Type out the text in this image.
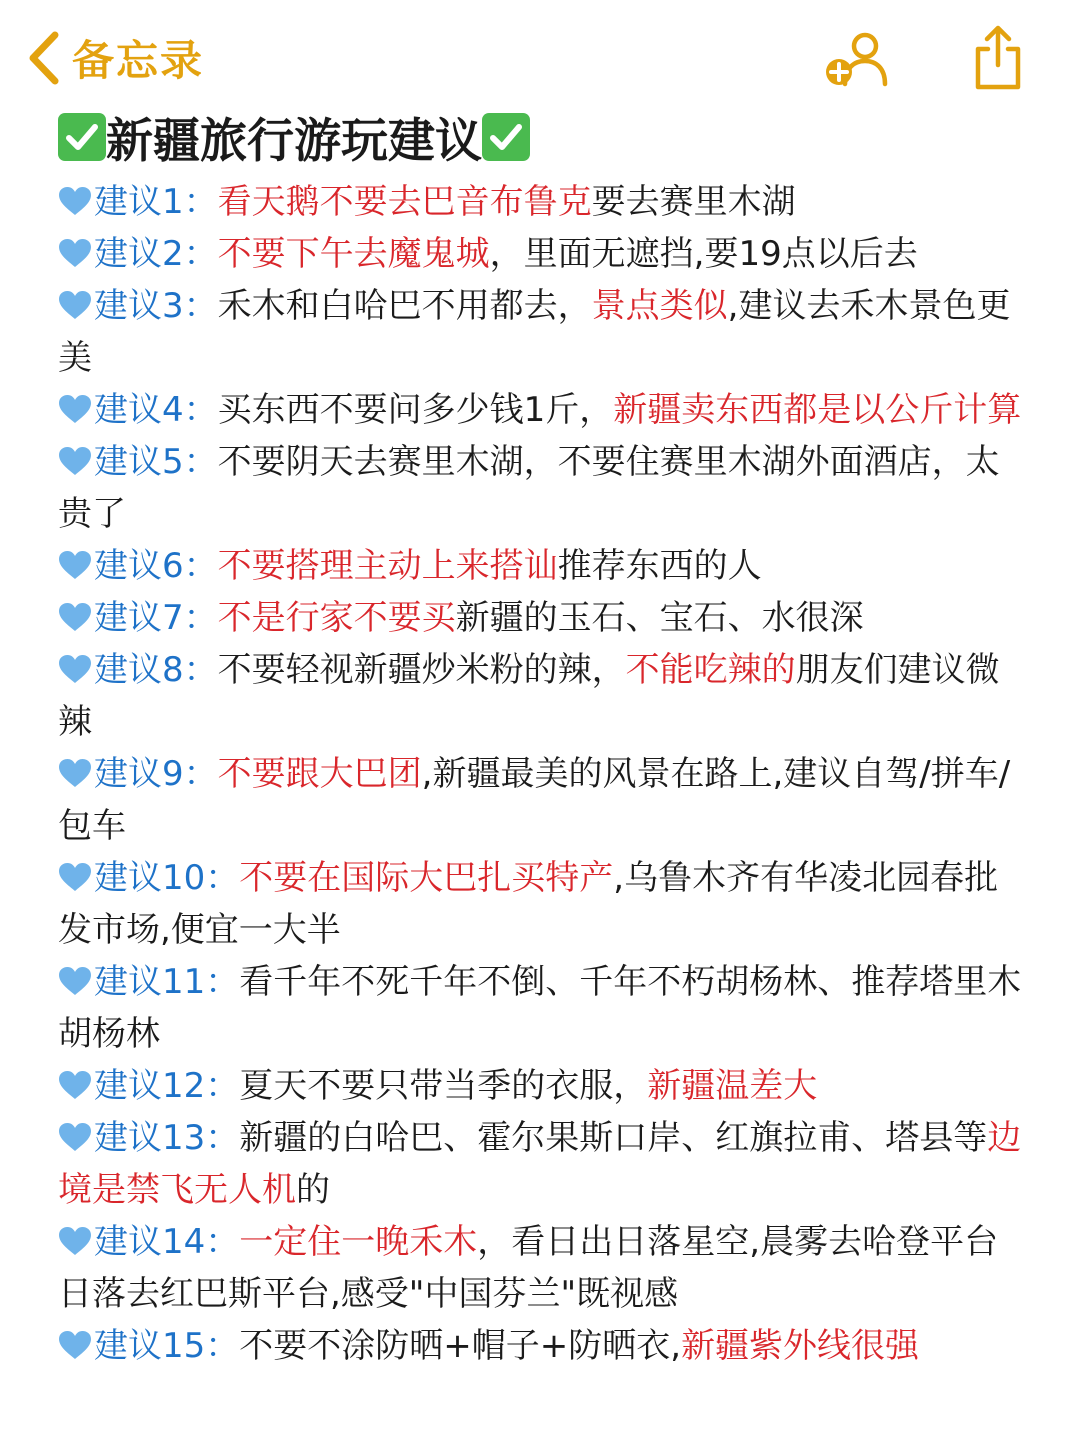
备忘录
新疆旅行游玩建议

建议1：看天鹅不要去巴音布鲁克要去赛里木湖

建议2：不要下午去魔鬼城，里面无遮挡,要19点以后去

建议3：禾木和白哈巴不用都去，景点类似,建议去禾木景色更美

建议4：买东西不要问多少钱1斤，新疆卖东西都是以公斤计算

建议5：不要阴天去赛里木湖，不要住赛里木湖外面酒店，太贵了

建议6：不要搭理主动上来搭讪推荐东西的人

建议7：不是行家不要买新疆的玉石、宝石、水很深

建议8：不要轻视新疆炒米粉的辣，不能吃辣的朋友们建议微辣

建议9：不要跟大巴团,新疆最美的风景在路上,建议自驾/拼车/包车

建议10：不要在国际大巴扎买特产,乌鲁木齐有华凌北园春批发市场,便宜一大半

建议11：看千年不死千年不倒、千年不朽胡杨林、推荐塔里木胡杨林

建议12：夏天不要只带当季的衣服，新疆温差大

建议13：新疆的白哈巴、霍尔果斯口岸、红旗拉甫、塔县等边境是禁飞无人机的

建议14：一定住一晚禾木，看日出日落星空,晨雾去哈登平台日落去红巴斯平台,感受"中国芬兰"既视感

建议15：不要不涂防晒+帽子+防晒衣,新疆紫外线很强
